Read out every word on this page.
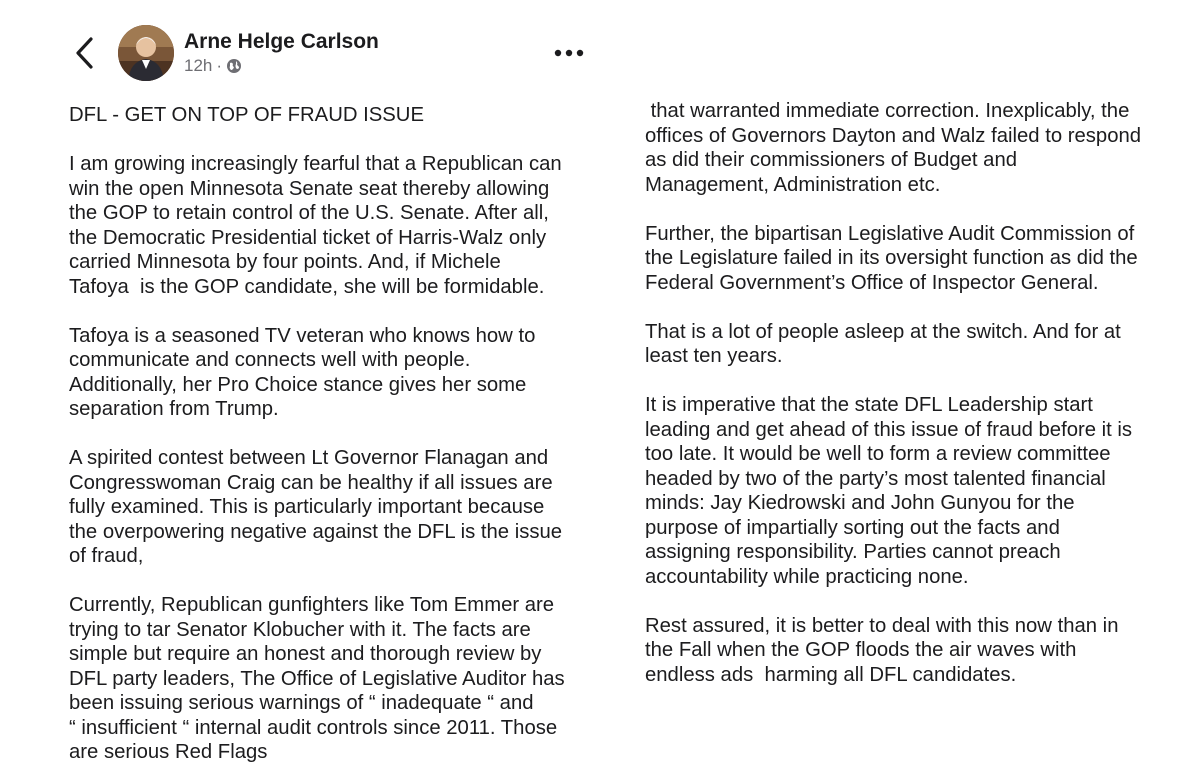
Arne Helge Carlson
12h ·
DFL - GET ON TOP OF FRAUD ISSUE

I am growing increasingly fearful that a Republican can
win the open Minnesota Senate seat thereby allowing
the GOP to retain control of the U.S. Senate. After all,
the Democratic Presidential ticket of Harris-Walz only
carried Minnesota by four points. And, if Michele
Tafoya  is the GOP candidate, she will be formidable.

Tafoya is a seasoned TV veteran who knows how to
communicate and connects well with people.
Additionally, her Pro Choice stance gives her some
separation from Trump.

A spirited contest between Lt Governor Flanagan and
Congresswoman Craig can be healthy if all issues are
fully examined. This is particularly important because
the overpowering negative against the DFL is the issue
of fraud,

Currently, Republican gunfighters like Tom Emmer are
trying to tar Senator Klobucher with it. The facts are
simple but require an honest and thorough review by
DFL party leaders, The Office of Legislative Auditor has
been issuing serious warnings of “ inadequate “ and
“ insufficient “ internal audit controls since 2011. Those
are serious Red Flags

that warranted immediate correction. Inexplicably, the
offices of Governors Dayton and Walz failed to respond
as did their commissioners of Budget and
Management, Administration etc.

Further, the bipartisan Legislative Audit Commission of
the Legislature failed in its oversight function as did the
Federal Government’s Office of Inspector General.

That is a lot of people asleep at the switch. And for at
least ten years.

It is imperative that the state DFL Leadership start
leading and get ahead of this issue of fraud before it is
too late. It would be well to form a review committee
headed by two of the party’s most talented financial
minds: Jay Kiedrowski and John Gunyou for the
purpose of impartially sorting out the facts and
assigning responsibility. Parties cannot preach
accountability while practicing none.

Rest assured, it is better to deal with this now than in
the Fall when the GOP floods the air waves with
endless ads  harming all DFL candidates.
